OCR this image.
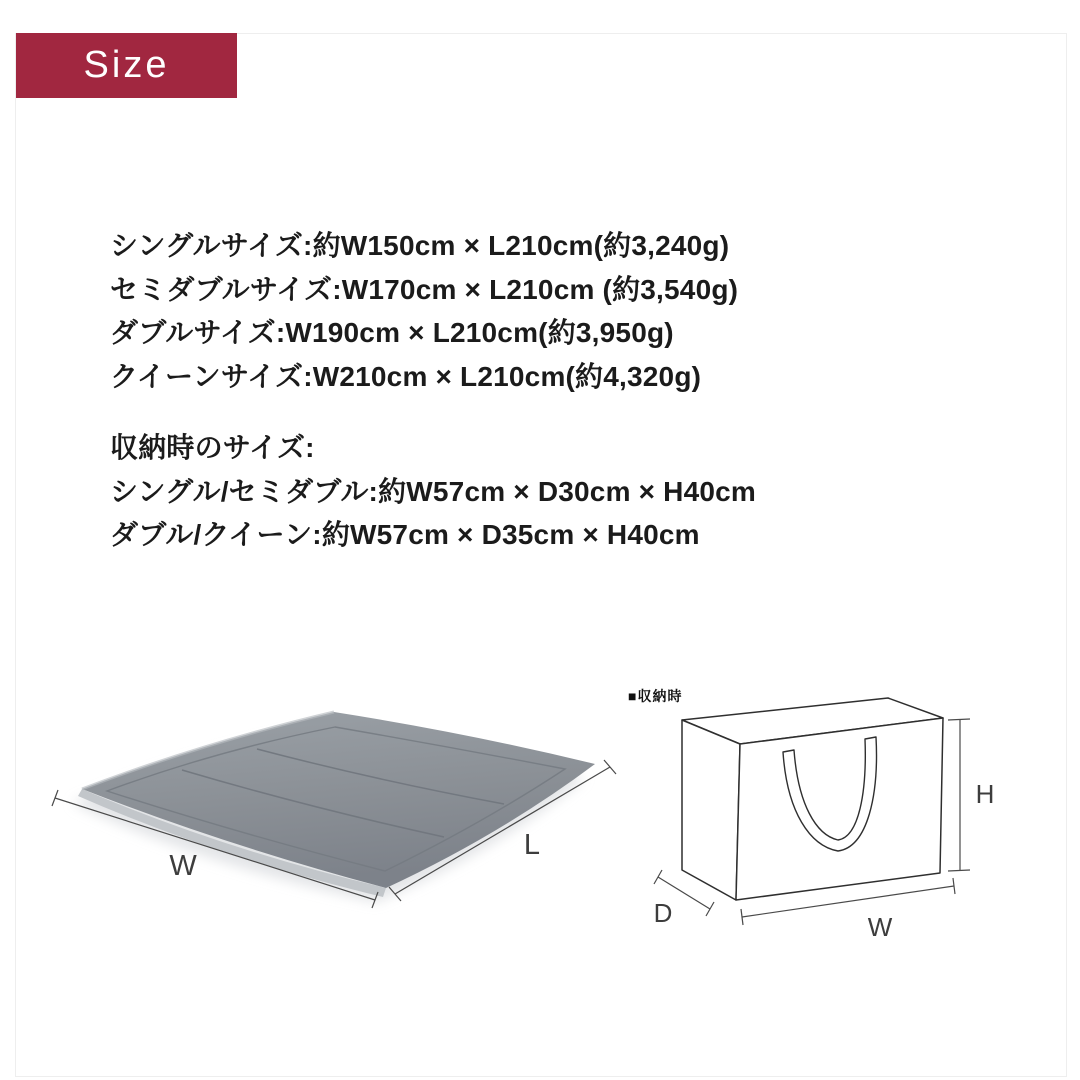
Size
シングルサイズ:約W150cm × L210cm(約3,240g)
セミダブルサイズ:W170cm × L210cm (約3,540g)
ダブルサイズ:W190cm × L210cm(約3,950g)
クイーンサイズ:W210cm × L210cm(約4,320g)
収納時のサイズ:
シングル/セミダブル:約W57cm × D30cm × H40cm
ダブル/クイーン:約W57cm × D35cm × H40cm
W
L
■収納時
H
W
D
